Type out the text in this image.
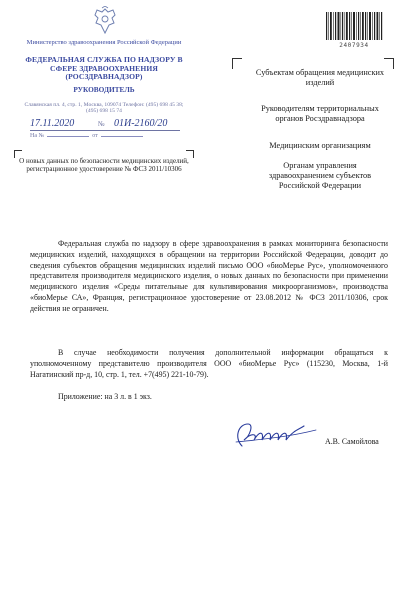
Министерство здравоохранения Российской Федерации
ФЕДЕРАЛЬНАЯ СЛУЖБА ПО НАДЗОРУ В СФЕРЕ ЗДРАВООХРАНЕНИЯ (РОСЗДРАВНАДЗОР)
РУКОВОДИТЕЛЬ
Славянская пл. 4, стр. 1, Москва, 109074 Телефон: (495) 698 45 38; (495) 698 15 74
17.11.2020	№ 01И-2160/20
На №	от
О новых данных по безопасности медицинских изделий, регистрационное удостоверение № ФСЗ 2011/10306
2407934
Субъектам обращения медицинских изделий
Руководителям территориальных органов Росздравнадзора
Медицинским организациям
Органам управления здравоохранением субъектов Российской Федерации
Федеральная служба по надзору в сфере здравоохранения в рамках мониторинга безопасности медицинских изделий, находящихся в обращении на территории Российской Федерации, доводит до сведения субъектов обращения медицинских изделий письмо ООО «биоМерье Рус», уполномоченного представителя производителя медицинского изделия, о новых данных по безопасности при применении медицинского изделия «Среды питательные для культивирования микроорганизмов», производства «биоМерье СА», Франция, регистрационное удостоверение от 23.08.2012 № ФСЗ 2011/10306, срок действия не ограничен.
В случае необходимости получения дополнительной информации обращаться к уполномоченному представителю производителя ООО «биоМерье Рус» (115230, Москва, 1-й Нагатинский пр-д, 10, стр. 1, тел. +7(495) 221-10-79).
Приложение: на 3 л. в 1 экз.
А.В. Самойлова
